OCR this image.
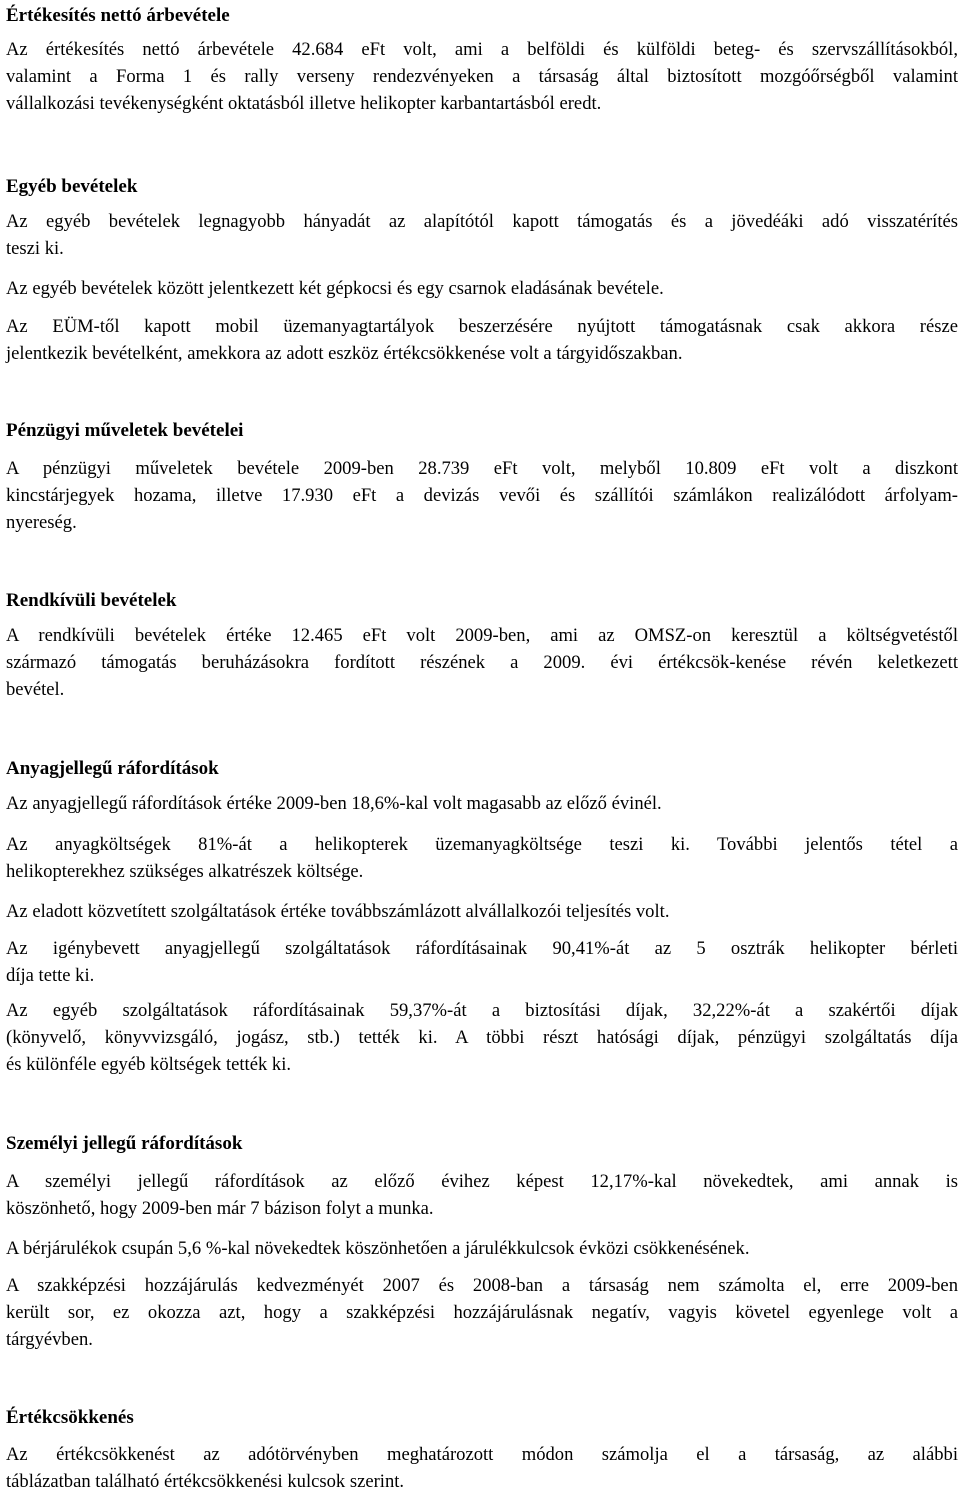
Értékesítés nettó árbevétele

Az értékesítés nettó árbevétele 42.684 eFt volt, ami a belföldi és külföldi beteg- és szervszállításokból,
valamint a Forma 1 és rally verseny rendezvényeken a társaság által biztosított mozgóőrségből valamint
vállalkozási tevékenységként oktatásból illetve helikopter karbantartásból eredt.

Egyéb bevételek

Az egyéb bevételek legnagyobb hányadát az alapítótól kapott támogatás és a jövedéáki adó visszatérítés
teszi ki.

Az egyéb bevételek között jelentkezett két gépkocsi és egy csarnok eladásának bevétele.

Az EÜM-től kapott mobil üzemanyagtartályok beszerzésére nyújtott támogatásnak csak akkora része
jelentkezik bevételként, amekkora az adott eszköz értékcsökkenése volt a tárgyidőszakban.

Pénzügyi műveletek bevételei

A pénzügyi műveletek bevétele 2009-ben 28.739 eFt volt, melyből 10.809 eFt volt a diszkont
kincstárjegyek hozama, illetve 17.930 eFt a devizás vevői és szállítói számlákon realizálódott árfolyam-
nyereség.

Rendkívüli bevételek

A rendkívüli bevételek értéke 12.465 eFt volt 2009-ben, ami az OMSZ-on keresztül a költségvetéstől
származó támogatás beruházásokra fordított részének a 2009. évi értékcsök-kenése révén keletkezett
bevétel.

Anyagjellegű ráfordítások

Az anyagjellegű ráfordítások értéke 2009-ben 18,6%-kal volt magasabb az előző évinél.

Az anyagköltségek 81%-át a helikopterek üzemanyagköltsége teszi ki. További jelentős tétel a
helikopterekhez szükséges alkatrészek költsége.

Az eladott közvetített szolgáltatások értéke továbbszámlázott alvállalkozói teljesítés volt.

Az igénybevett anyagjellegű szolgáltatások ráfordításainak 90,41%-át az 5 osztrák helikopter bérleti
díja tette ki.

Az egyéb szolgáltatások ráfordításainak 59,37%-át a biztosítási díjak, 32,22%-át a szakértői díjak
(könyvelő, könyvvizsgáló, jogász, stb.) tették ki. A többi részt hatósági díjak, pénzügyi szolgáltatás díja
és különféle egyéb költségek tették ki.

Személyi jellegű ráfordítások

A személyi jellegű ráfordítások az előző évihez képest 12,17%-kal növekedtek, ami annak is
köszönhető, hogy 2009-ben már 7 bázison folyt a munka.

A bérjárulékok csupán 5,6 %-kal növekedtek köszönhetően a járulékkulcsok évközi csökkenésének.

A szakképzési hozzájárulás kedvezményét 2007 és 2008-ban a társaság nem számolta el, erre 2009-ben
került sor, ez okozza azt, hogy a szakképzési hozzájárulásnak negatív, vagyis követel egyenlege volt a
tárgyévben.

Értékcsökkenés

Az értékcsökkenést az adótörvényben meghatározott módon számolja el a társaság, az alábbi
táblázatban található értékcsökkenési kulcsok szerint.
